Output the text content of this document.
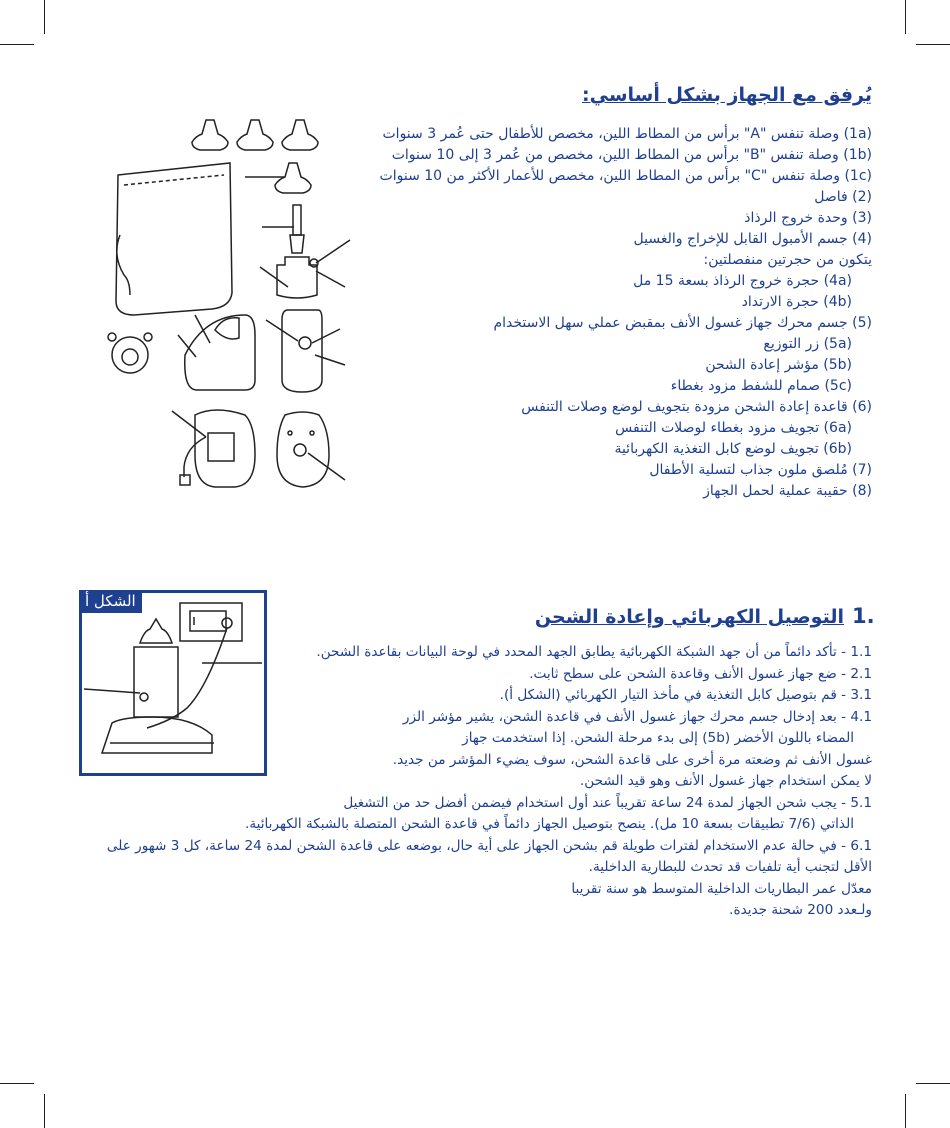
يُرفق مع الجهاز بشكل أساسي:
(1a) وصلة تنفس "A" برأس من المطاط اللين، مخصص للأطفال حتى عُمر 3 سنوات
(1b) وصلة تنفس "B" برأس من المطاط اللين، مخصص من عُمر 3 إلى 10 سنوات
(1c) وصلة تنفس "C" برأس من المطاط اللين، مخصص للأعمار الأكثر من 10 سنوات
(2) فاصل
(3) وحدة خروج الرذاذ
(4) جسم الأمبول القابل للإخراج والغسيل
يتكون من حجرتين منفصلتين:
(4a) حجرة خروج الرذاذ بسعة 15 مل
(4b) حجرة الارتداد
(5) جسم محرك جهاز غسول الأنف بمقبض عملي سهل الاستخدام
(5a) زر التوزيع
(5b) مؤشر إعادة الشحن
(5c) صمام للشفط مزود بغطاء
(6) قاعدة إعادة الشحن مزودة بتجويف لوضع وصلات التنفس
(6a) تجويف مزود بغطاء لوصلات التنفس
(6b) تجويف لوضع كابل التغذية الكهربائية
(7) مُلصق ملون جذاب لتسلية الأطفال
(8) حقيبة عملية لحمل الجهاز
1.
التوصيل الكهربائي وإعادة الشحن
الشكل أ
1.1 - تأكد دائماً من أن جهد الشبكة الكهربائية يطابق الجهد المحدد في لوحة البيانات بقاعدة الشحن.
2.1 - ضع جهاز غسول الأنف وقاعدة الشحن على سطح ثابت.
3.1 - قم بتوصيل كابل التغذية في مأخذ التيار الكهربائي (الشكل أ).
4.1 - بعد إدخال جسم محرك جهاز غسول الأنف في قاعدة الشحن، يشير مؤشر الزر
المضاء باللون الأخضر (5b) إلى بدء مرحلة الشحن. إذا استخدمت جهاز
غسول الأنف ثم وضعته مرة أخرى على قاعدة الشحن، سوف يضيء المؤشر من جديد.
لا يمكن استخدام جهاز غسول الأنف وهو قيد الشحن.
5.1 - يجب شحن الجهاز لمدة 24 ساعة تقريباً عند أول استخدام فيضمن أفضل حد من التشغيل
الذاتي (7/6 تطبيقات بسعة 10 مل). ينصح بتوصيل الجهاز دائماً في قاعدة الشحن المتصلة بالشبكة الكهربائية.
6.1 - في حالة عدم الاستخدام لفترات طويلة قم بشحن الجهاز على أية حال، بوضعه على قاعدة الشحن لمدة 24 ساعة، كل 3 شهور على
الأقل لتجنب أية تلفيات قد تحدث للبطارية الداخلية.
معدّل عمر البطاريات الداخلية المتوسط هو سنة تقريبا
ولـعدد 200 شحنة جديدة.
